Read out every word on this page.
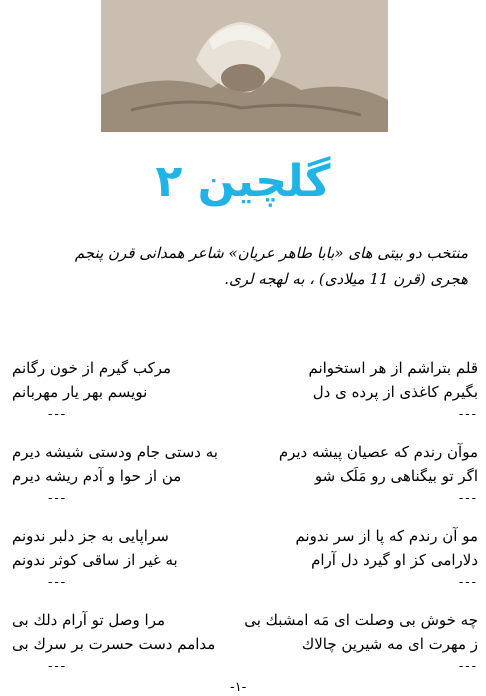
گلچین ۲
منتخب دو بیتی های «بابا طاهر عریان» شاعر همدانی قرن پنجم
هجری (قرن 11 میلادی) ، به لهجه لری.
قلم بتراشم از هر استخوانم
مرکب گیرم از خون رگانم
بگیرم کاغذی از پرده ی دل
نویسم بهر یار مهربانم
---
---
موآن رندم که عصیان پیشه دیرم
به دستی جام ودستی شیشه دیرم
اگر تو بیگناهی رو مَلَک شو
من از حوا و آدم ریشه دیرم
---
---
مو آن رندم که پا از سر ندونم
سراپایی به جز دلبر ندونم
دلارامی کز او گیرد دل آرام
به غیر از ساقی کوثر ندونم
---
---
چه خوش بی وصلت ای مَه امشبك بی
مرا وصل تو آرام دلك بی
ز مهرت ای مه شیرین چالاك
مدامم دست حسرت بر سرك بی
---
---
-۱-
